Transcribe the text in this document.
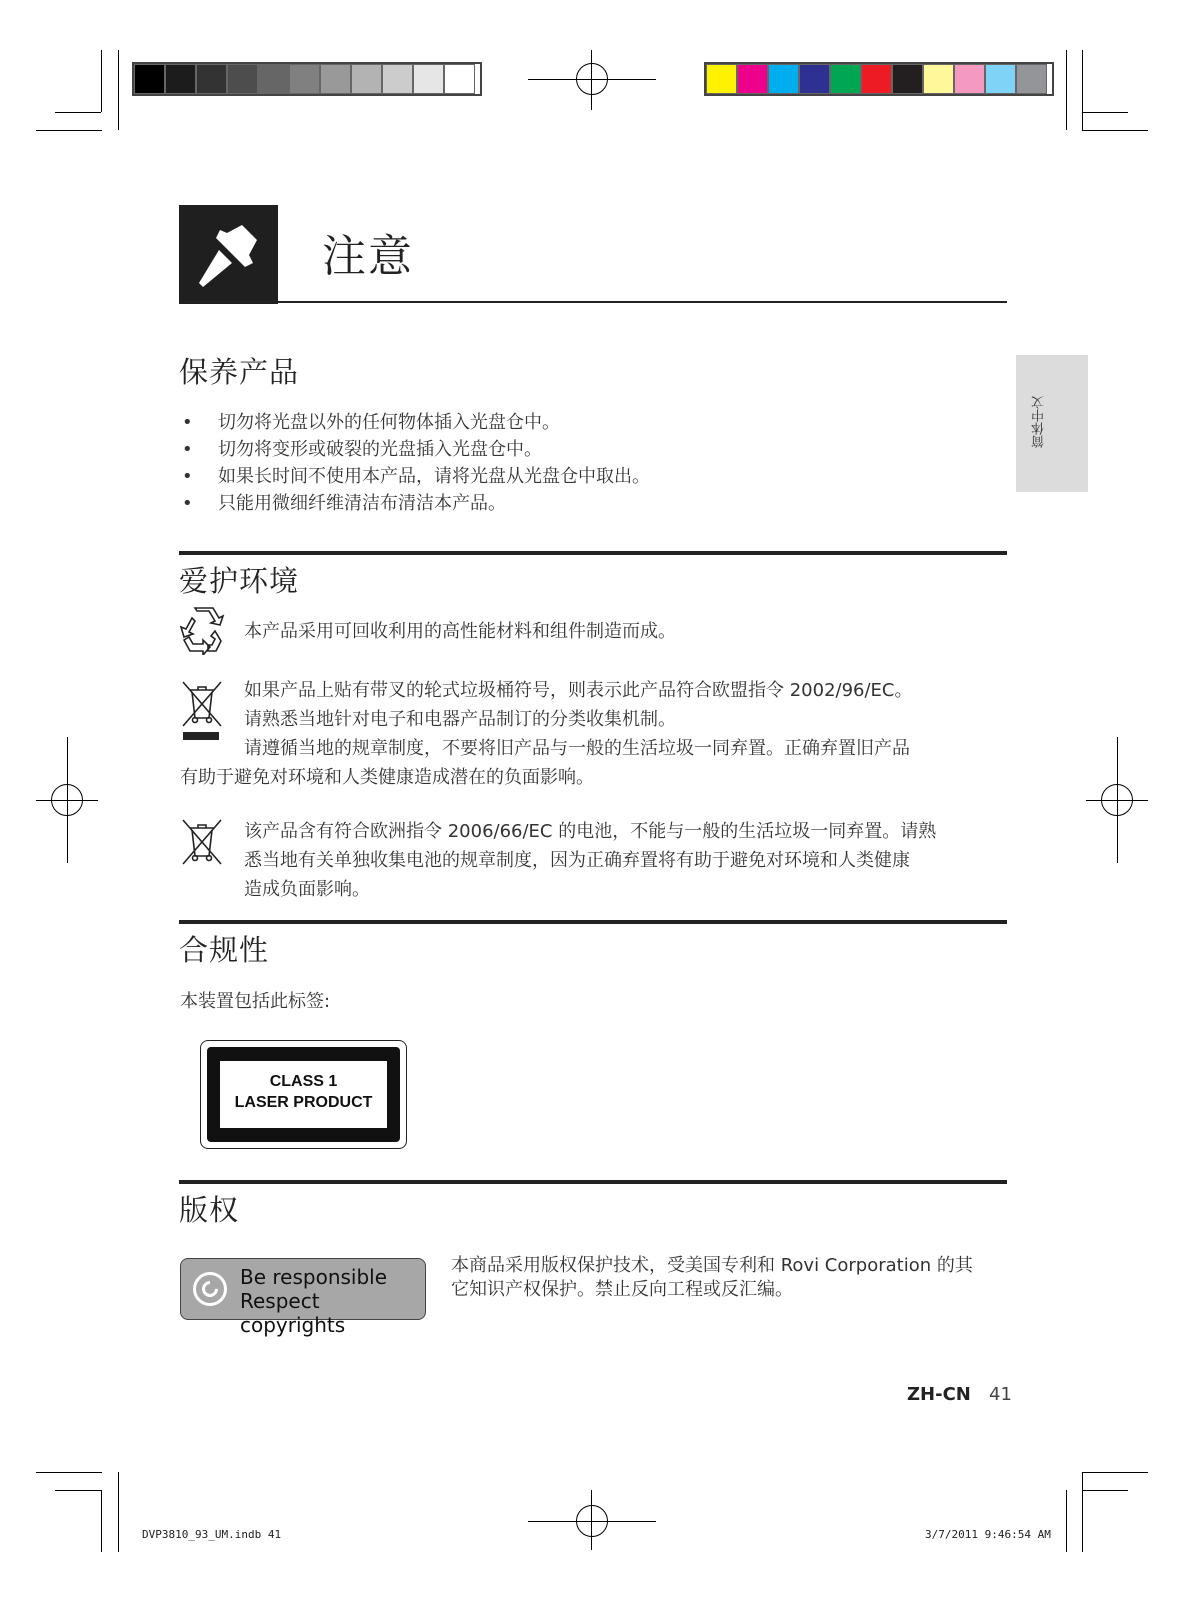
注意
简体中文
保养产品
• 切勿将光盘以外的任何物体插入光盘仓中。
• 切勿将变形或破裂的光盘插入光盘仓中。
• 如果长时间不使用本产品，请将光盘从光盘仓中取出。
• 只能用微细纤维清洁布清洁本产品。
爱护环境
本产品采用可回收利用的高性能材料和组件制造而成。
如果产品上贴有带叉的轮式垃圾桶符号，则表示此产品符合欧盟指令 2002/96/EC。
请熟悉当地针对电子和电器产品制订的分类收集机制。
请遵循当地的规章制度，不要将旧产品与一般的生活垃圾一同弃置。正确弃置旧产品
有助于避免对环境和人类健康造成潜在的负面影响。
该产品含有符合欧洲指令 2006/66/EC 的电池，不能与一般的生活垃圾一同弃置。请熟
悉当地有关单独收集电池的规章制度，因为正确弃置将有助于避免对环境和人类健康
造成负面影响。
合规性
本装置包括此标签:
CLASS 1
LASER PRODUCT
版权
Be responsible
Respect copyrights
本商品采用版权保护技术，受美国专利和 Rovi Corporation 的其
它知识产权保护。禁止反向工程或反汇编。
ZH-CN 41
DVP3810_93_UM.indb 41	3/7/2011 9:46:54 AM
